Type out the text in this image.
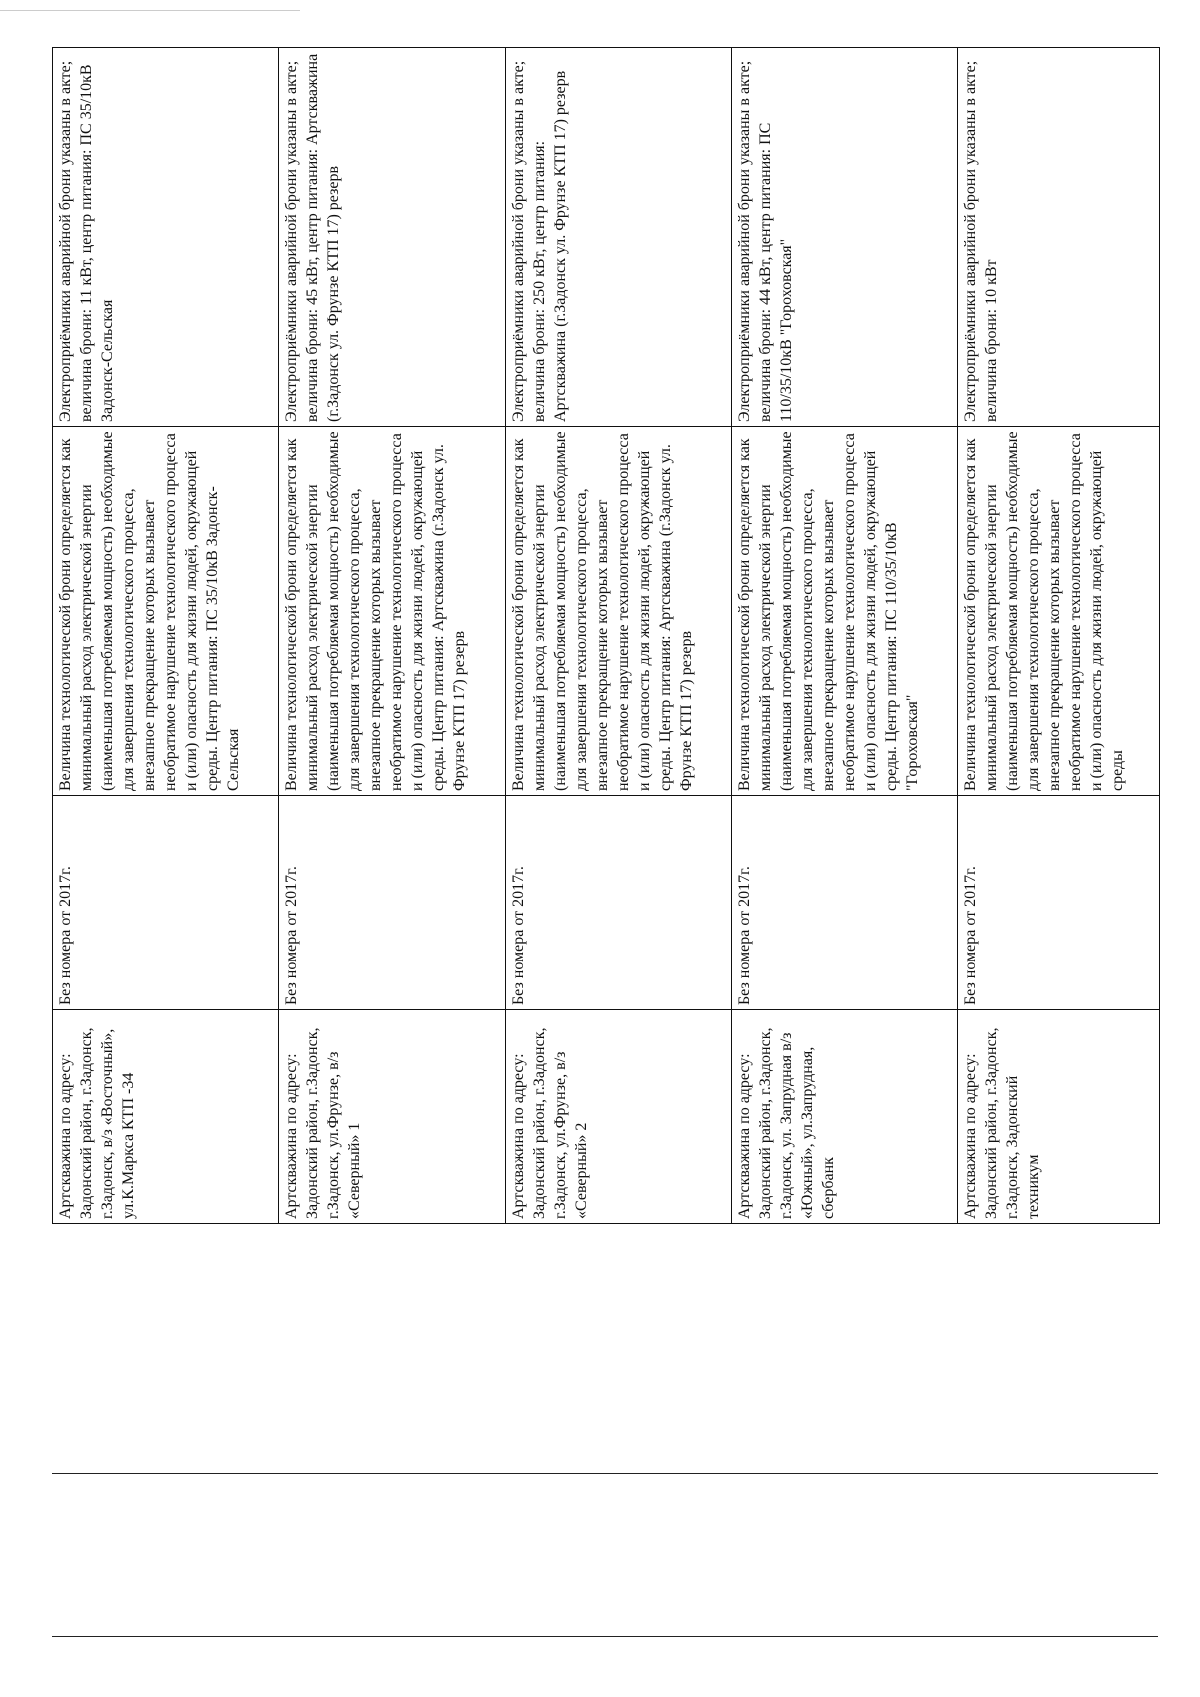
Артскважина по адресу: Задонский район, г.Задонск, г.Задонск, в/з «Восточный», ул.К.Маркса КТП -34	Без номера от 2017г.	Величина технологической брони определяется как минимальный расход электрической энергии (наименьшая потребляемая мощность) необходимые для завершения технологического процесса, внезапное прекращение которых вызывает необратимое нарушение технологического процесса и (или) опасность для жизни людей, окружающей среды. Центр питания: ПС 35/10кВ Задонск-Сельская	Электроприёмники аварийной брони указаны в акте; величина брони: 11 кВт, центр питания: ПС 35/10кВ Задонск-Сельская
Артскважина по адресу: Задонский район, г.Задонск, г.Задонск, ул.Фрунзе, в/з «Северный» 1	Без номера от 2017г.	Величина технологической брони определяется как минимальный расход электрической энергии (наименьшая потребляемая мощность) необходимые для завершения технологического процесса, внезапное прекращение которых вызывает необратимое нарушение технологического процесса и (или) опасность для жизни людей, окружающей среды. Центр питания: Артскважина (г.Задонск ул. Фрунзе КТП 17) резерв	Электроприёмники аварийной брони указаны в акте; величина брони: 45 кВт, центр питания: Артскважина (г.Задонск ул. Фрунзе КТП 17) резерв
Артскважина по адресу: Задонский район, г.Задонск, г.Задонск, ул.Фрунзе, в/з «Северный» 2	Без номера от 2017г.	Величина технологической брони определяется как минимальный расход электрической энергии (наименьшая потребляемая мощность) необходимые для завершения технологического процесса, внезапное прекращение которых вызывает необратимое нарушение технологического процесса и (или) опасность для жизни людей, окружающей среды. Центр питания: Артскважина (г.Задонск ул. Фрунзе КТП 17) резерв	Электроприёмники аварийной брони указаны в акте; величина брони: 250 кВт, центр питания: Артскважина (г.Задонск ул. Фрунзе КТП 17) резерв
Артскважина по адресу: Задонский район, г.Задонск, г.Задонск, ул. Запрудная в/з «Южный», ул.Запрудная, сбербанк	Без номера от 2017г.	Величина технологической брони определяется как минимальный расход электрической энергии (наименьшая потребляемая мощность) необходимые для завершения технологического процесса, внезапное прекращение которых вызывает необратимое нарушение технологического процесса и (или) опасность для жизни людей, окружающей среды. Центр питания: ПС 110/35/10кВ "Гороховская"	Электроприёмники аварийной брони указаны в акте; величина брони: 44 кВт, центр питания: ПС 110/35/10кВ "Гороховская"
Артскважина по адресу: Задонский район, г.Задонск, г.Задонск, Задонский техникум	Без номера от 2017г.	Величина технологической брони определяется как минимальный расход электрической энергии (наименьшая потребляемая мощность) необходимые для завершения технологического процесса, внезапное прекращение которых вызывает необратимое нарушение технологического процесса и (или) опасность для жизни людей, окружающей среды	Электроприёмники аварийной брони указаны в акте; величина брони: 10 кВт
